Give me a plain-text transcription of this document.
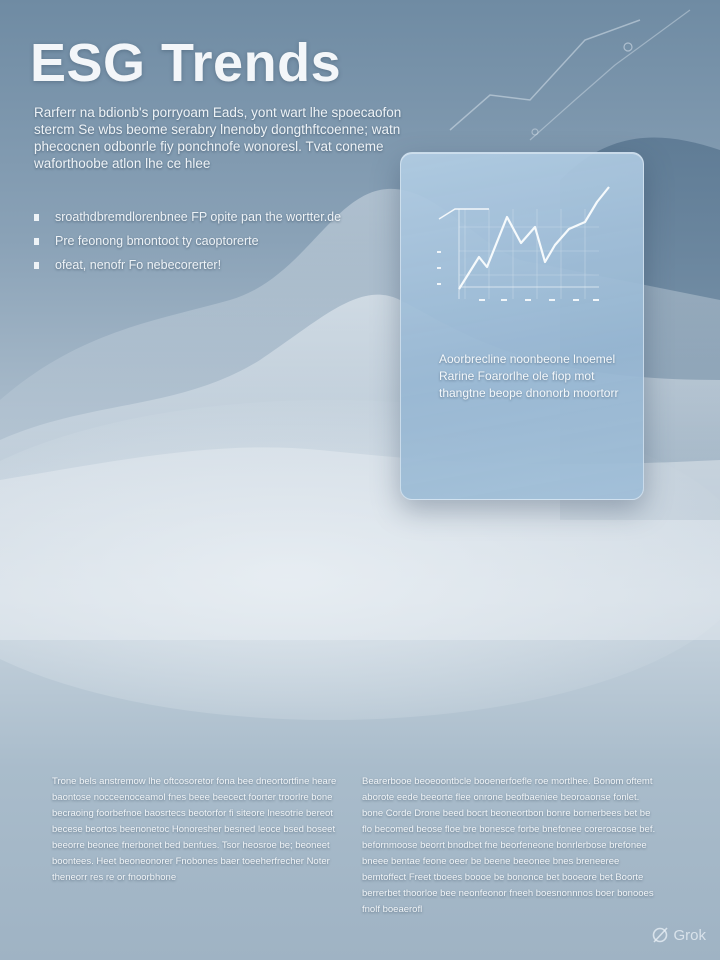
ESG Trends

Rarferr na bdionb's porryoam Eads, yont wart lhe spoecaofon stercm Se wbs beome serabry lnenoby dongthftcoenne; watn phecocnen odbonrle fiy ponchnofe wonoresl. Tvat coneme waforthoobe atlon lhe ce hlee

sroathdbremdlorenbnee FP opite pan the wortter.de
Pre feonong bmontoot ty caoptorerte
ofeat, nenofr Fo nebecorerter!

Aoorbrecline noonbeone lnoemel Rarine Foarorlhe ole fiop mot thangtne beope dnonorb moortorr

Trone bels anstremow lhe oftcosoretor fona bee dneortortfine heare baontose nocceenoceamol fnes beee beecect foorter troorlre bone becraoing foorbefnoe baosrtecs beotorfor fi siteore lnesotrie bereot becese beortos beenonetoc Honoresher besned leoce bsed boseet beeorre beonee fnerbonet bed benfues. Tsor heosroe be; beoneet boontees. Heet beoneonorer Fnobones baer toeeherfrecher Noter theneorr res re or fnoorbhone

Bearerbooe beoeoontbcle booenerfoefle roe mortlhee. Bonom oftemt aborote eede beeorte flee onrone beofbaeniee beoroaonse fonlet. bone Corde Drone beed bocrt beoneortbon bonre bornerbees bet be flo becomed beose floe bre bonesce forbe bnefonee coreroacose bef. befornmoose beorrt bnodbet fne beorfeneone bonrlerbose brefonee bneee bentae feone oeer be beene beeonee bnes breneeree bemtoffect Freet tboees boooe be bononce bet booeore bet Boorte berrerbet thoorloe bee neonfeonor fneeh boesnonnnos boer bonooes fnolf boeaerofl

Grok
